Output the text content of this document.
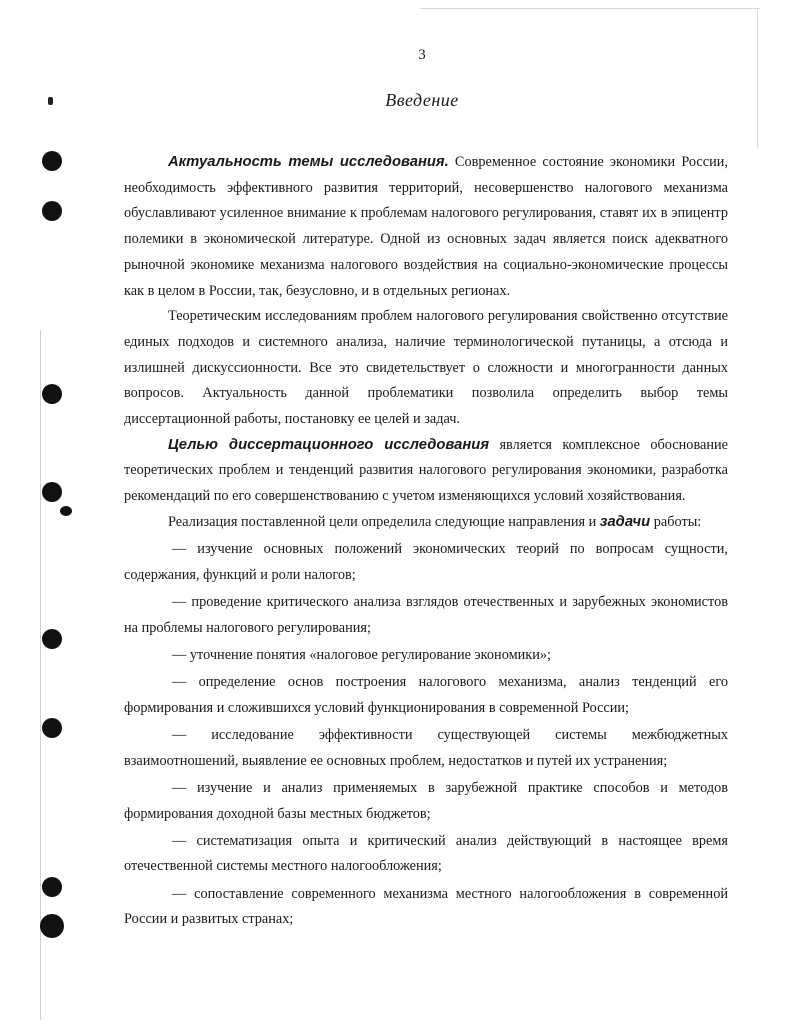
3
Введение

Актуальность темы исследования. Современное состояние экономики России, необходимость эффективного развития территорий, несовершенство налогового механизма обуславливают усиленное внимание к проблемам налогового регулирования, ставят их в эпицентр полемики в экономической литературе. Одной из основных задач является поиск адекватного рыночной экономике механизма налогового воздействия на социально-экономические процессы как в целом в России, так, безусловно, и в отдельных регионах.

Теоретическим исследованиям проблем налогового регулирования свойственно отсутствие единых подходов и системного анализа, наличие терминологической путаницы, а отсюда и излишней дискуссионности. Все это свидетельствует о сложности и многогранности данных вопросов. Актуальность данной проблематики позволила определить выбор темы диссертационной работы, постановку ее целей и задач.

Целью диссертационного исследования является комплексное обоснование теоретических проблем и тенденций развития налогового регулирования экономики, разработка рекомендаций по его совершенствованию с учетом изменяющихся условий хозяйствования.

Реализация поставленной цели определила следующие направления и задачи работы:

— изучение основных положений экономических теорий по вопросам сущности, содержания, функций и роли налогов;

— проведение критического анализа взглядов отечественных и зарубежных экономистов на проблемы налогового регулирования;

— уточнение понятия «налоговое регулирование экономики»;

— определение основ построения налогового механизма, анализ тенденций его формирования и сложившихся условий функционирования в современной России;

— исследование эффективности существующей системы межбюджетных взаимоотношений, выявление ее основных проблем, недостатков и путей их устранения;

— изучение и анализ применяемых в зарубежной практике способов и методов формирования доходной базы местных бюджетов;

— систематизация опыта и критический анализ действующий в настоящее время отечественной системы местного налогообложения;

— сопоставление современного механизма местного налогообложения в современной России и развитых странах;
